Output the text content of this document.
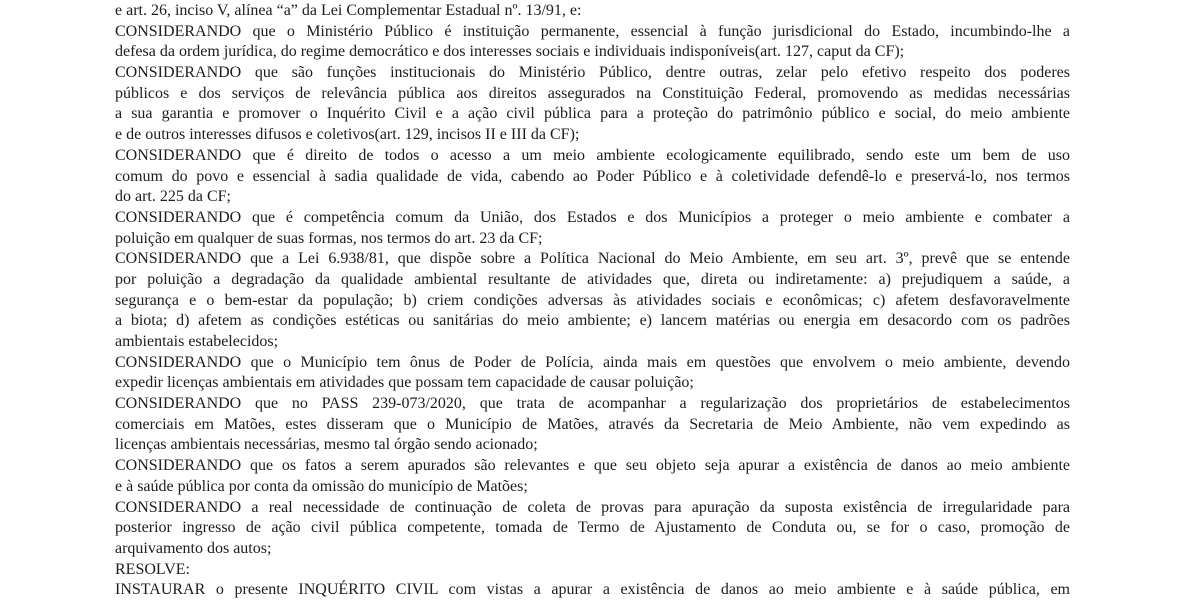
e art. 26, inciso V, alínea “a” da Lei Complementar Estadual nº. 13/91, e:
CONSIDERANDO que o Ministério Público é instituição permanente, essencial à função jurisdicional do Estado, incumbindo-lhe a
defesa da ordem jurídica, do regime democrático e dos interesses sociais e individuais indisponíveis(art. 127, caput da CF);
CONSIDERANDO que são funções institucionais do Ministério Público, dentre outras, zelar pelo efetivo respeito dos poderes
públicos e dos serviços de relevância pública aos direitos assegurados na Constituição Federal, promovendo as medidas necessárias
a sua garantia e promover o Inquérito Civil e a ação civil pública para a proteção do patrimônio público e social, do meio ambiente
e de outros interesses difusos e coletivos(art. 129, incisos II e III da CF);
CONSIDERANDO que é direito de todos o acesso a um meio ambiente ecologicamente equilibrado, sendo este um bem de uso
comum do povo e essencial à sadia qualidade de vida, cabendo ao Poder Público e à coletividade defendê-lo e preservá-lo, nos termos
do art. 225 da CF;
CONSIDERANDO que é competência comum da União, dos Estados e dos Municípios a proteger o meio ambiente e combater a
poluição em qualquer de suas formas, nos termos do art. 23 da CF;
CONSIDERANDO que a Lei 6.938/81, que dispõe sobre a Política Nacional do Meio Ambiente, em seu art. 3º, prevê que se entende
por poluição a degradação da qualidade ambiental resultante de atividades que, direta ou indiretamente: a) prejudiquem a saúde, a
segurança e o bem-estar da população; b) criem condições adversas às atividades sociais e econômicas; c) afetem desfavoravelmente
a biota; d) afetem as condições estéticas ou sanitárias do meio ambiente; e) lancem matérias ou energia em desacordo com os padrões
ambientais estabelecidos;
CONSIDERANDO que o Município tem ônus de Poder de Polícia, ainda mais em questões que envolvem o meio ambiente, devendo
expedir licenças ambientais em atividades que possam tem capacidade de causar poluição;
CONSIDERANDO que no PASS 239-073/2020, que trata de acompanhar a regularização dos proprietários de estabelecimentos
comerciais em Matões, estes disseram que o Município de Matões, através da Secretaria de Meio Ambiente, não vem expedindo as
licenças ambientais necessárias, mesmo tal órgão sendo acionado;
CONSIDERANDO que os fatos a serem apurados são relevantes e que seu objeto seja apurar a existência de danos ao meio ambiente
e à saúde pública por conta da omissão do município de Matões;
CONSIDERANDO a real necessidade de continuação de coleta de provas para apuração da suposta existência de irregularidade para
posterior ingresso de ação civil pública competente, tomada de Termo de Ajustamento de Conduta ou, se for o caso, promoção de
arquivamento dos autos;
RESOLVE:
INSTAURAR o presente INQUÉRITO CIVIL com vistas a apurar a existência de danos ao meio ambiente e à saúde pública, em
